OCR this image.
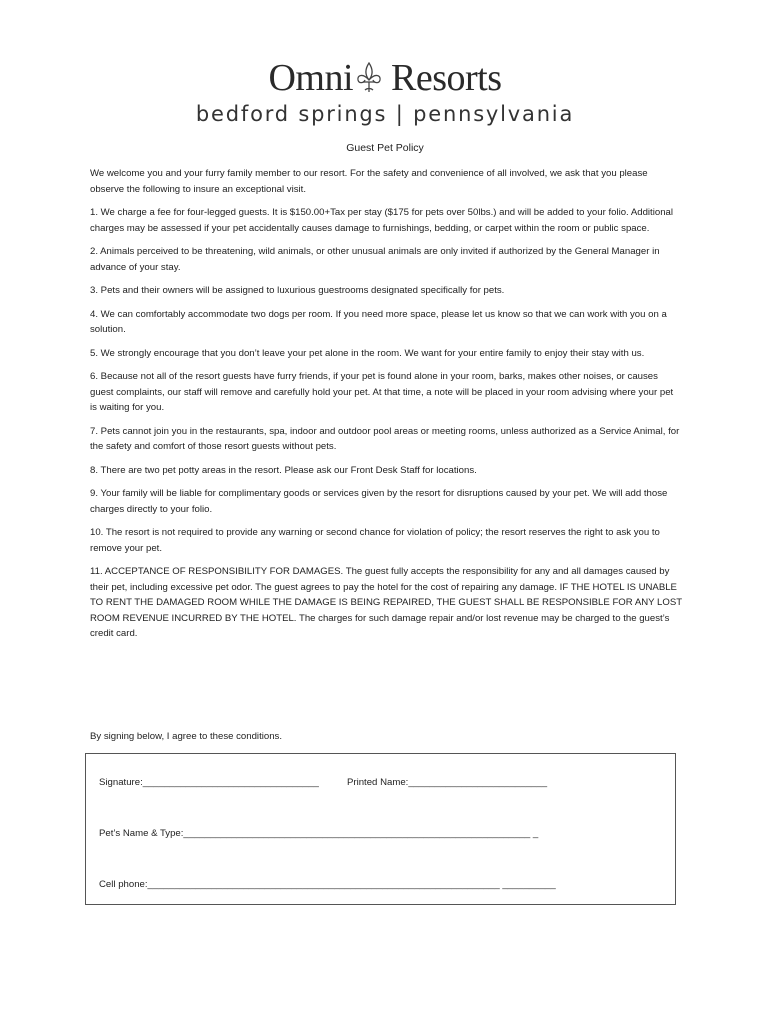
Omni Resorts
bedford springs | pennsylvania
Guest Pet Policy

We welcome you and your furry family member to our resort. For the safety and convenience of all involved, we ask that you please observe the following to insure an exceptional visit.

1. We charge a fee for four-legged guests. It is $150.00+Tax per stay ($175 for pets over 50lbs.) and will be added to your folio. Additional charges may be assessed if your pet accidentally causes damage to furnishings, bedding, or carpet within the room or public space.

2. Animals perceived to be threatening, wild animals, or other unusual animals are only invited if authorized by the General Manager in advance of your stay.

3. Pets and their owners will be assigned to luxurious guestrooms designated specifically for pets.

4. We can comfortably accommodate two dogs per room. If you need more space, please let us know so that we can work with you on a solution.

5. We strongly encourage that you don’t leave your pet alone in the room. We want for your entire family to enjoy their stay with us.

6. Because not all of the resort guests have furry friends, if your pet is found alone in your room, barks, makes other noises, or causes guest complaints, our staff will remove and carefully hold your pet. At that time, a note will be placed in your room advising where your pet is waiting for you.

7. Pets cannot join you in the restaurants, spa, indoor and outdoor pool areas or meeting rooms, unless authorized as a Service Animal, for the safety and comfort of those resort guests without pets.

8. There are two pet potty areas in the resort. Please ask our Front Desk Staff for locations.

9. Your family will be liable for complimentary goods or services given by the resort for disruptions caused by your pet. We will add those charges directly to your folio.

10. The resort is not required to provide any warning or second chance for violation of policy; the resort reserves the right to ask you to remove your pet.

11. ACCEPTANCE OF RESPONSIBILITY FOR DAMAGES. The guest fully accepts the responsibility for any and all damages caused by their pet, including excessive pet odor. The guest agrees to pay the hotel for the cost of repairing any damage. IF THE HOTEL IS UNABLE TO RENT THE DAMAGED ROOM WHILE THE DAMAGE IS BEING REPAIRED, THE GUEST SHALL BE RESPONSIBLE FOR ANY LOST ROOM REVENUE INCURRED BY THE HOTEL. The charges for such damage repair and/or lost revenue may be charged to the guest’s credit card.

By signing below, I agree to these conditions.
Signature:_________________________________	Printed Name:__________________________
Pet’s Name & Type:_________________________________________________________________ _
Cell phone:__________________________________________________________________ __________
